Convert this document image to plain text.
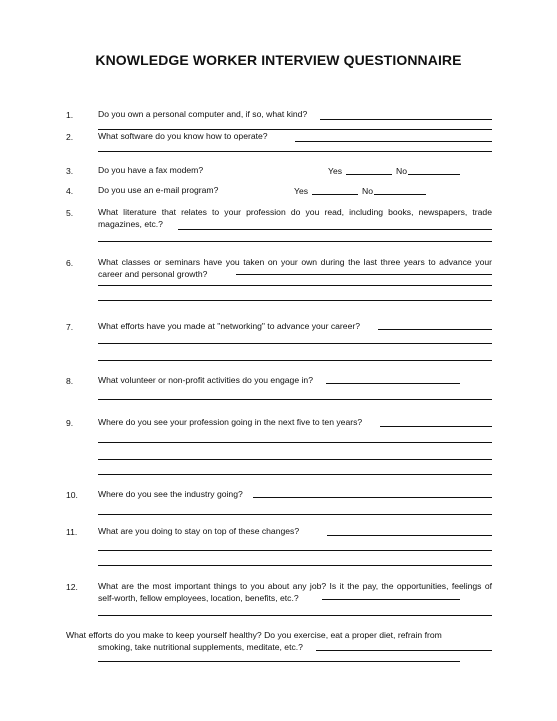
KNOWLEDGE WORKER INTERVIEW QUESTIONNAIRE
1.	Do you own a personal computer and, if so, what kind?
2.	What software do you know how to operate?
3.	Do you have a fax modem?	Yes	No
4.	Do you use an e-mail program?	Yes	No
5.	What literature that relates to your profession do you read, including books, newspapers, trade magazines, etc.?
6.	What classes or seminars have you taken on your own during the last three years to advance your career and personal growth?
7.	What efforts have you made at "networking" to advance your career?
8.	What volunteer or non-profit activities do you engage in?
9.	Where do you see your profession going in the next five to ten years?
10. Where do you see the industry going?
11. What are you doing to stay on top of these changes?
12. What are the most important things to you about any job? Is it the pay, the opportunities, feelings of self-worth, fellow employees, location, benefits, etc.?
What efforts do you make to keep yourself healthy? Do you exercise, eat a proper diet, refrain from
smoking, take nutritional supplements, meditate, etc.?
